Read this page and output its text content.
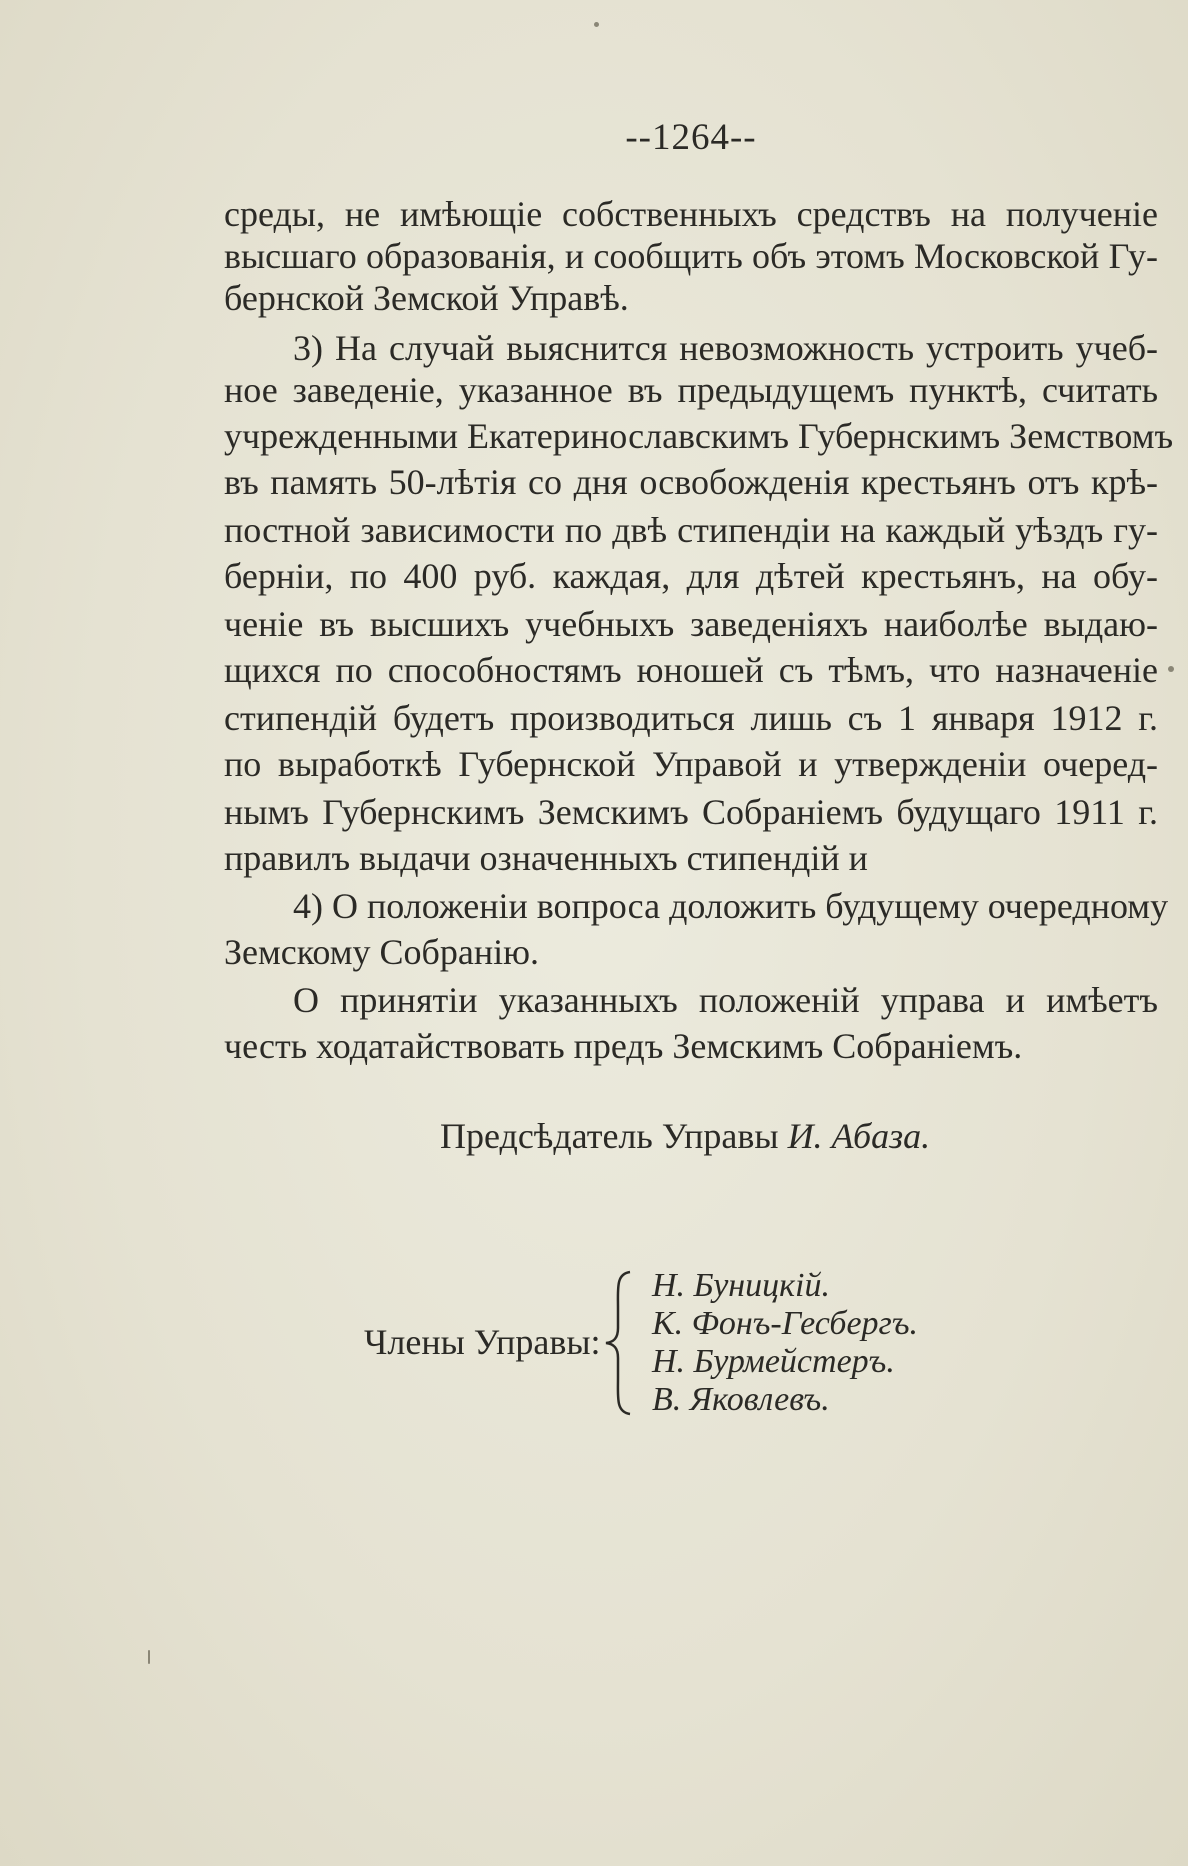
--1264--
среды, не имѣющіе собственныхъ средствъ на полученіе
высшаго образованія, и сообщить объ этомъ Московской Гу-
бернской Земской Управѣ.
3) На случай выяснится невозможность устроить учеб-
ное заведеніе, указанное въ предыдущемъ пунктѣ, считать
учрежденными Екатеринославскимъ Губернскимъ Земствомъ
въ память 50-лѣтія со дня освобожденія крестьянъ отъ крѣ-
постной зависимости по двѣ стипендіи на каждый уѣздъ гу-
берніи, по 400 руб. каждая, для дѣтей крестьянъ, на обу-
ченіе въ высшихъ учебныхъ заведеніяхъ наиболѣе выдаю-
щихся по способностямъ юношей съ тѣмъ, что назначеніе
стипендій будетъ производиться лишь съ 1 января 1912 г.
по выработкѣ Губернской Управой и утвержденіи очеред-
нымъ Губернскимъ Земскимъ Собраніемъ будущаго 1911 г.
правилъ выдачи означенныхъ стипендій и
4) О положеніи вопроса доложить будущему очередному
Земскому Собранію.
О принятіи указанныхъ положеній управа и имѣетъ
честь ходатайствовать предъ Земскимъ Собраніемъ.
Предсѣдатель Управы И. Абаза.
Члены Управы:
Н. Буницкій.
К. Фонъ-Гесбергъ.
Н. Бурмейстеръ.
В. Яковлевъ.
